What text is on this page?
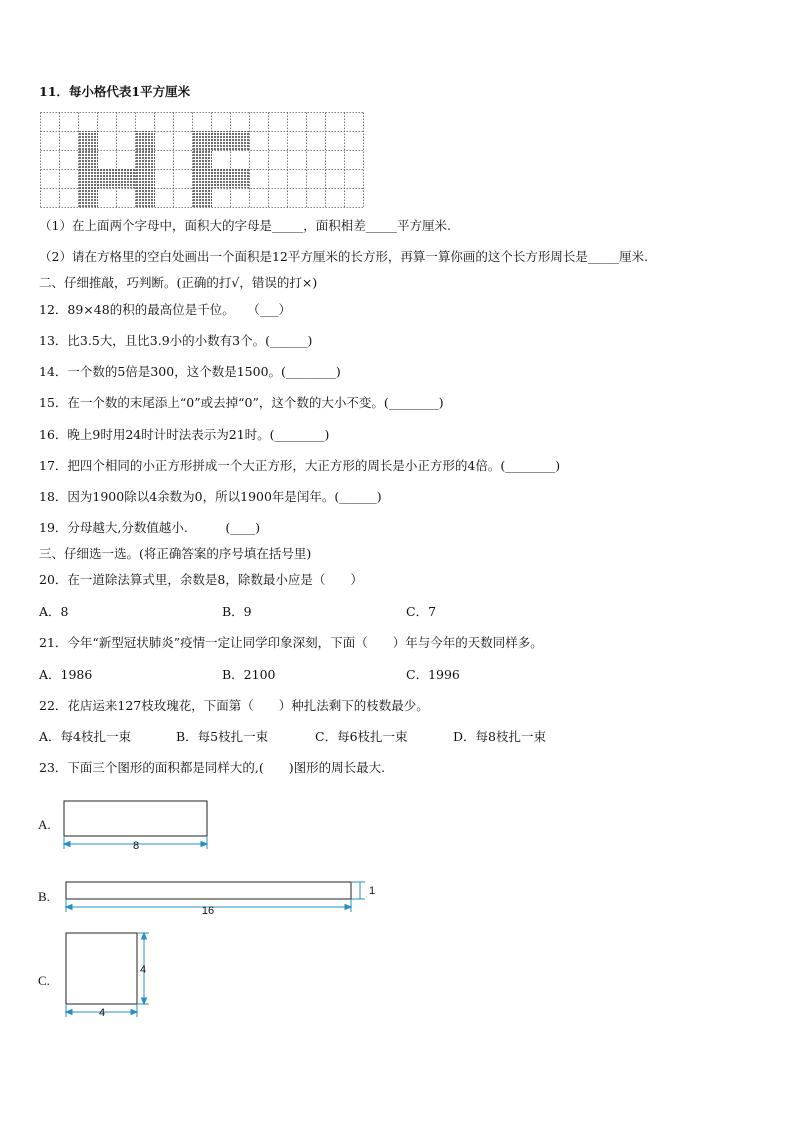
11．每小格代表1平方厘米
（1）在上面两个字母中，面积大的字母是_____，面积相差_____平方厘米.
（2）请在方格里的空白处画出一个面积是12平方厘米的长方形，再算一算你画的这个长方形周长是_____厘米.
二、仔细推敲，巧判断。(正确的打√，错误的打×)
12．89×48的积的最高位是千位。　　（___）
13．比3.5大，且比3.9小的小数有3个。(______)
14．一个数的5倍是300，这个数是1500。(________)
15．在一个数的末尾添上“0”或去掉“0”，这个数的大小不变。(________)
16．晚上9时用24时计时法表示为21时。(________)
17．把四个相同的小正方形拼成一个大正方形，大正方形的周长是小正方形的4倍。(________)
18．因为1900除以4余数为0，所以1900年是闰年。(______)
19．分母越大,分数值越小.　　　(____)
三、仔细选一选。(将正确答案的序号填在括号里)
20．在一道除法算式里，余数是8，除数最小应是（　　）
A．8	B．9	C．7
21．今年“新型冠状肺炎”疫情一定让同学印象深刻，下面（　　）年与今年的天数同样多。
A．1986	B．2100	C．1996
22．花店运来127枝玫瑰花，下面第（　　）种扎法剩下的枝数最少。
A．每4枝扎一束	B．每5枝扎一束	C．每6枝扎一束	D．每8枝扎一束
23．下面三个图形的面积都是同样大的,(　　)图形的周长最大.
A.
8
B.
16
1
C.
4
4
